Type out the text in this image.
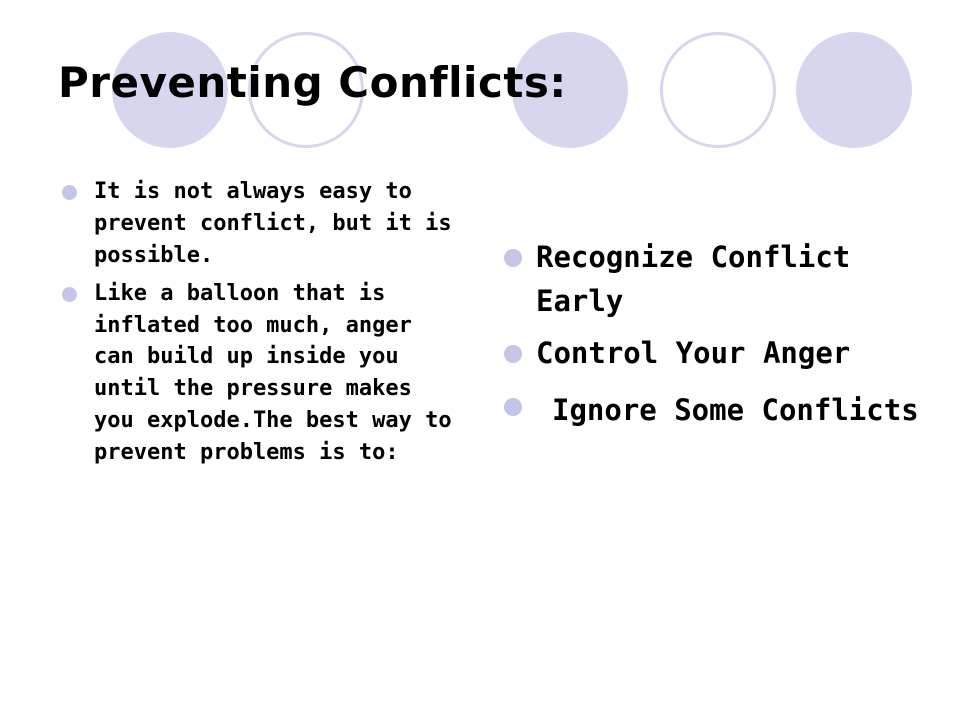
Preventing Conflicts:
It is not always easy to prevent conflict, but it is possible.
Like a balloon that is inflated too much, anger can build up inside you until the pressure makes you explode.The best way to prevent problems is to:
Recognize Conflict Early
Control Your Anger
Ignore Some Conflicts
